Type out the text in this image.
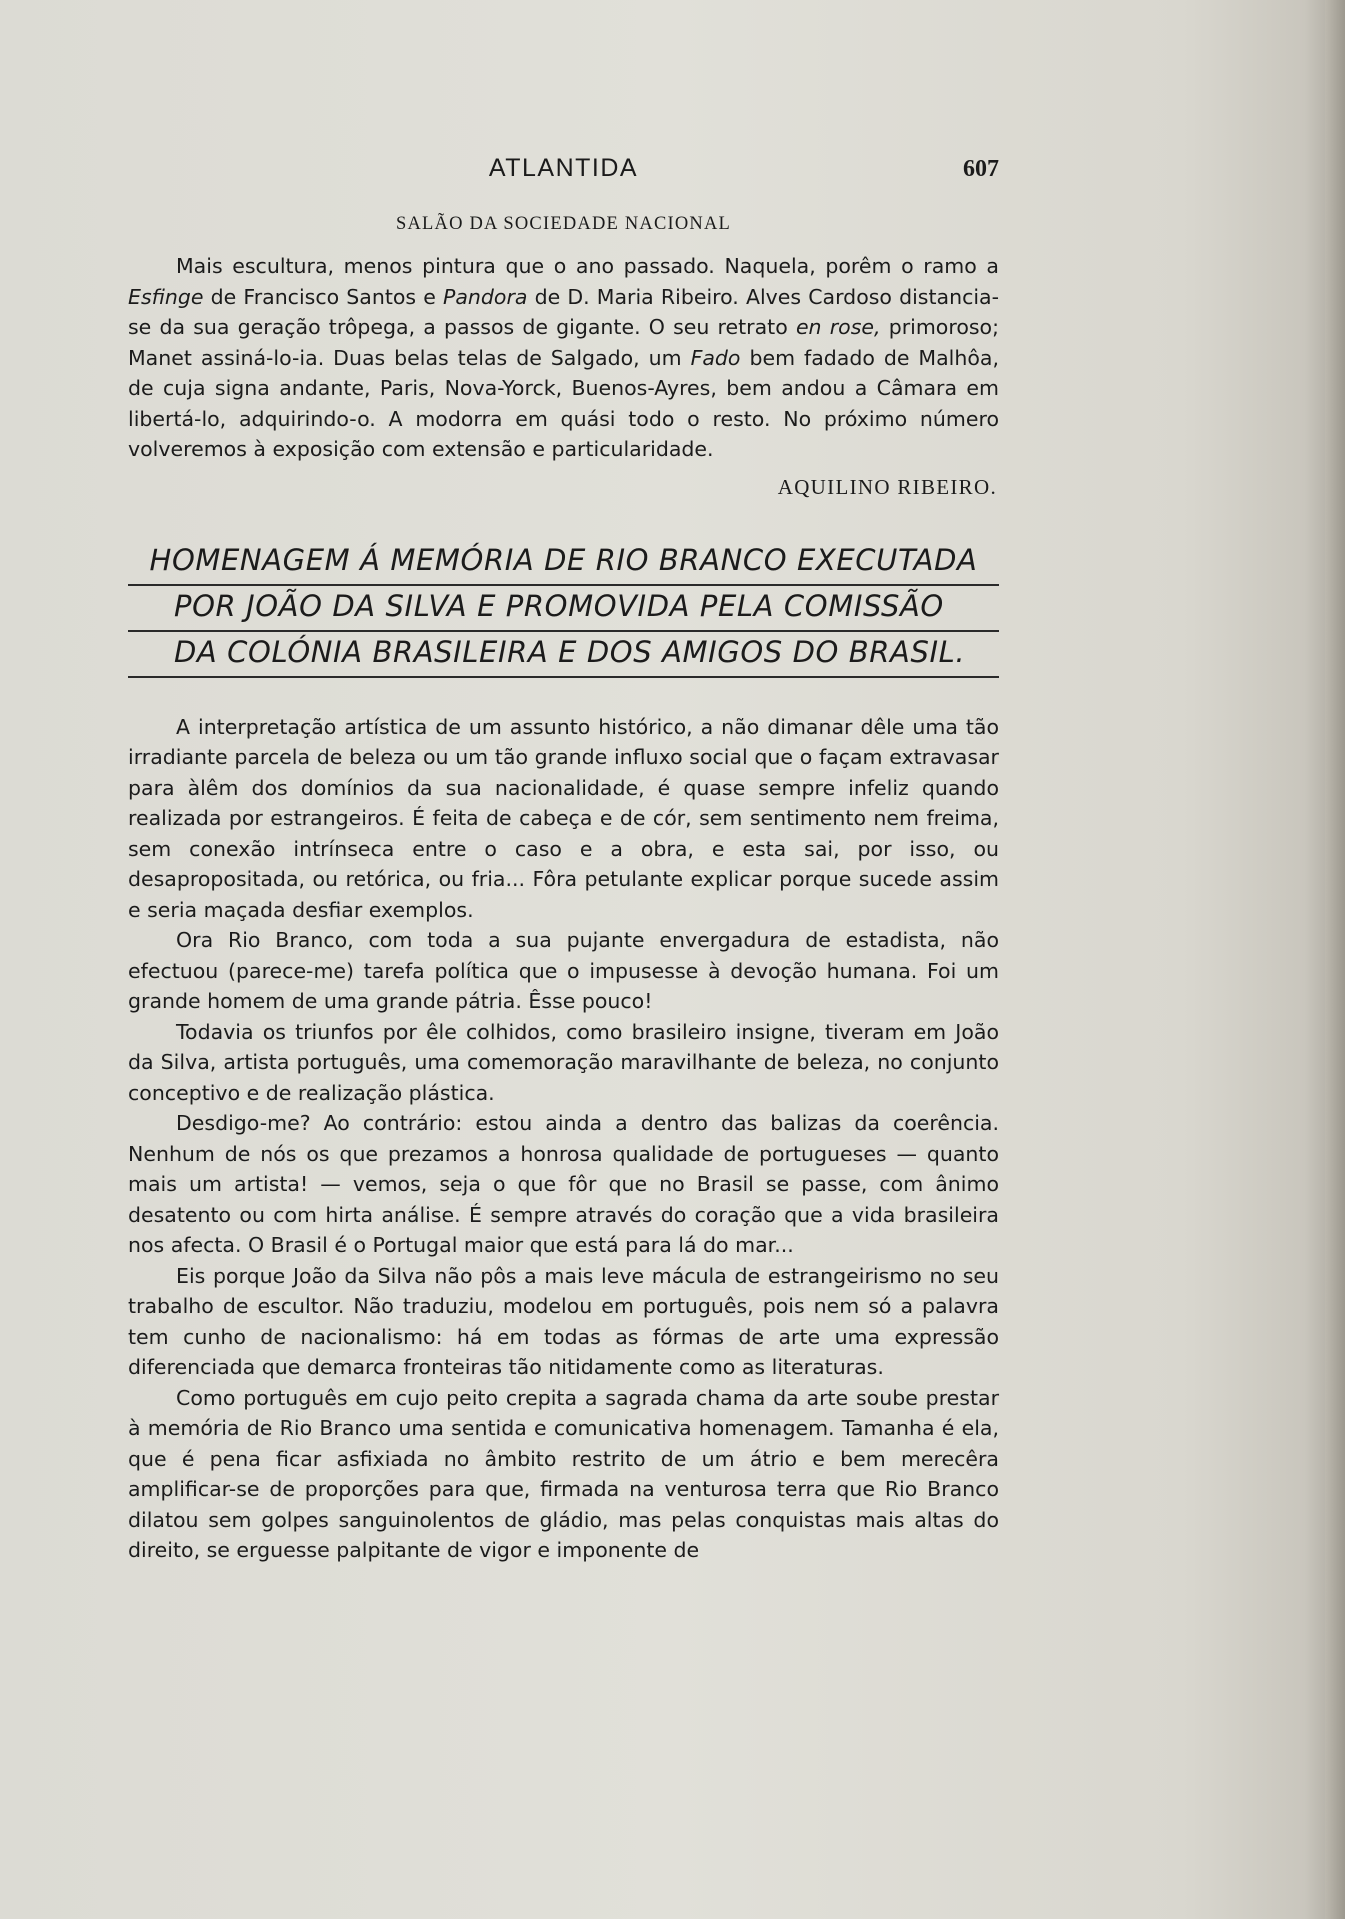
ATLANTIDA	607
SALÃO DA SOCIEDADE NACIONAL

Mais escultura, menos pintura que o ano passado. Naquela, porêm o ramo a Esfinge de Francisco Santos e Pandora de D. Maria Ribeiro. Alves Cardoso distancia-se da sua geração trôpega, a passos de gigante. O seu retrato en rose, primoroso; Manet assiná-lo-ia. Duas belas telas de Salgado, um Fado bem fadado de Malhôa, de cuja signa andante, Paris, Nova-Yorck, Buenos-Ayres, bem andou a Câmara em libertá-lo, adquirindo-o. A modorra em quási todo o resto. No próximo número volveremos à exposição com extensão e particularidade.

AQUILINO RIBEIRO.
HOMENAGEM Á MEMÓRIA DE RIO BRANCO EXECUTADA
POR JOÃO DA SILVA E PROMOVIDA PELA COMISSÃO
DA COLÓNIA BRASILEIRA E DOS AMIGOS DO BRASIL.

A interpretação artística de um assunto histórico, a não dimanar dêle uma tão irradiante parcela de beleza ou um tão grande influxo social que o façam extravasar para àlêm dos domínios da sua nacionalidade, é quase sempre infeliz quando realizada por estrangeiros. É feita de cabeça e de cór, sem sentimento nem freima, sem conexão intrínseca entre o caso e a obra, e esta sai, por isso, ou desapropositada, ou retórica, ou fria... Fôra petulante explicar porque sucede assim e seria maçada desfiar exemplos.

Ora Rio Branco, com toda a sua pujante envergadura de estadista, não efectuou (parece-me) tarefa política que o impusesse à devoção humana. Foi um grande homem de uma grande pátria. Êsse pouco!

Todavia os triunfos por êle colhidos, como brasileiro insigne, tiveram em João da Silva, artista português, uma comemoração maravilhante de beleza, no conjunto conceptivo e de realização plástica.

Desdigo-me? Ao contrário: estou ainda a dentro das balizas da coerência. Nenhum de nós os que prezamos a honrosa qualidade de portugueses — quanto mais um artista! — vemos, seja o que fôr que no Brasil se passe, com ânimo desatento ou com hirta análise. É sempre através do coração que a vida brasileira nos afecta. O Brasil é o Portugal maior que está para lá do mar...

Eis porque João da Silva não pôs a mais leve mácula de estrangeirismo no seu trabalho de escultor. Não traduziu, modelou em português, pois nem só a palavra tem cunho de nacionalismo: há em todas as fórmas de arte uma expressão diferenciada que demarca fronteiras tão nitidamente como as literaturas.

Como português em cujo peito crepita a sagrada chama da arte soube prestar à memória de Rio Branco uma sentida e comunicativa homenagem. Tamanha é ela, que é pena ficar asfixiada no âmbito restrito de um átrio e bem merecêra amplificar-se de proporções para que, firmada na venturosa terra que Rio Branco dilatou sem golpes sanguinolentos de gládio, mas pelas conquistas mais altas do direito, se erguesse palpitante de vigor e imponente de
